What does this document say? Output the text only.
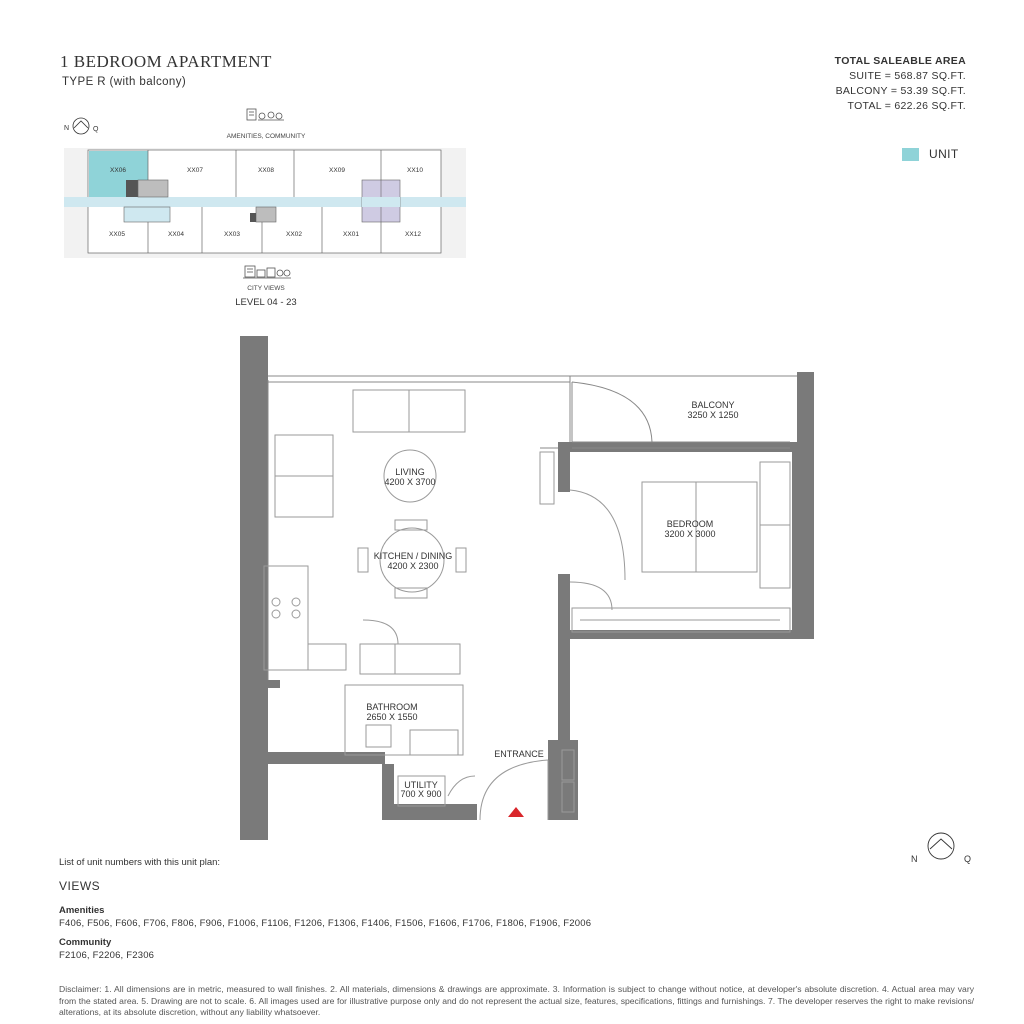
1 BEDROOM APARTMENT
TYPE R (with balcony)
TOTAL SALEABLE AREA
SUITE = 568.87 SQ.FT.
BALCONY = 53.39 SQ.FT.
TOTAL = 622.26 SQ.FT.
UNIT
N	Q
AMENITIES, COMMUNITY
XX06	XX07	XX08	XX09	XX10
XX05	XX04	XX03	XX02	XX01	XX12
CITY VIEWS
LEVEL 04 - 23
BALCONY
3250 X 1250
LIVING
4200 X 3700
KITCHEN / DINING
4200 X 2300
BEDROOM
3200 X 3000
BATHROOM
2650 X 1550
UTILITY
700 X 900
ENTRANCE
N	Q
List of unit numbers with this unit plan:
VIEWS
Amenities
F406, F506, F606, F706, F806, F906, F1006, F1106, F1206, F1306, F1406, F1506, F1606, F1706, F1806, F1906, F2006
Community
F2106, F2206, F2306
Disclaimer: 1. All dimensions are in metric, measured to wall finishes. 2. All materials, dimensions & drawings are approximate. 3. Information is subject to change without notice, at developer's absolute discretion. 4. Actual area may vary from the stated area. 5. Drawing are not to scale. 6. All images used are for illustrative purpose only and do not represent the actual size, features, specifications, fittings and furnishings. 7. The developer reserves the right to make revisions/ alterations, at its absolute discretion, without any liability whatsoever.
